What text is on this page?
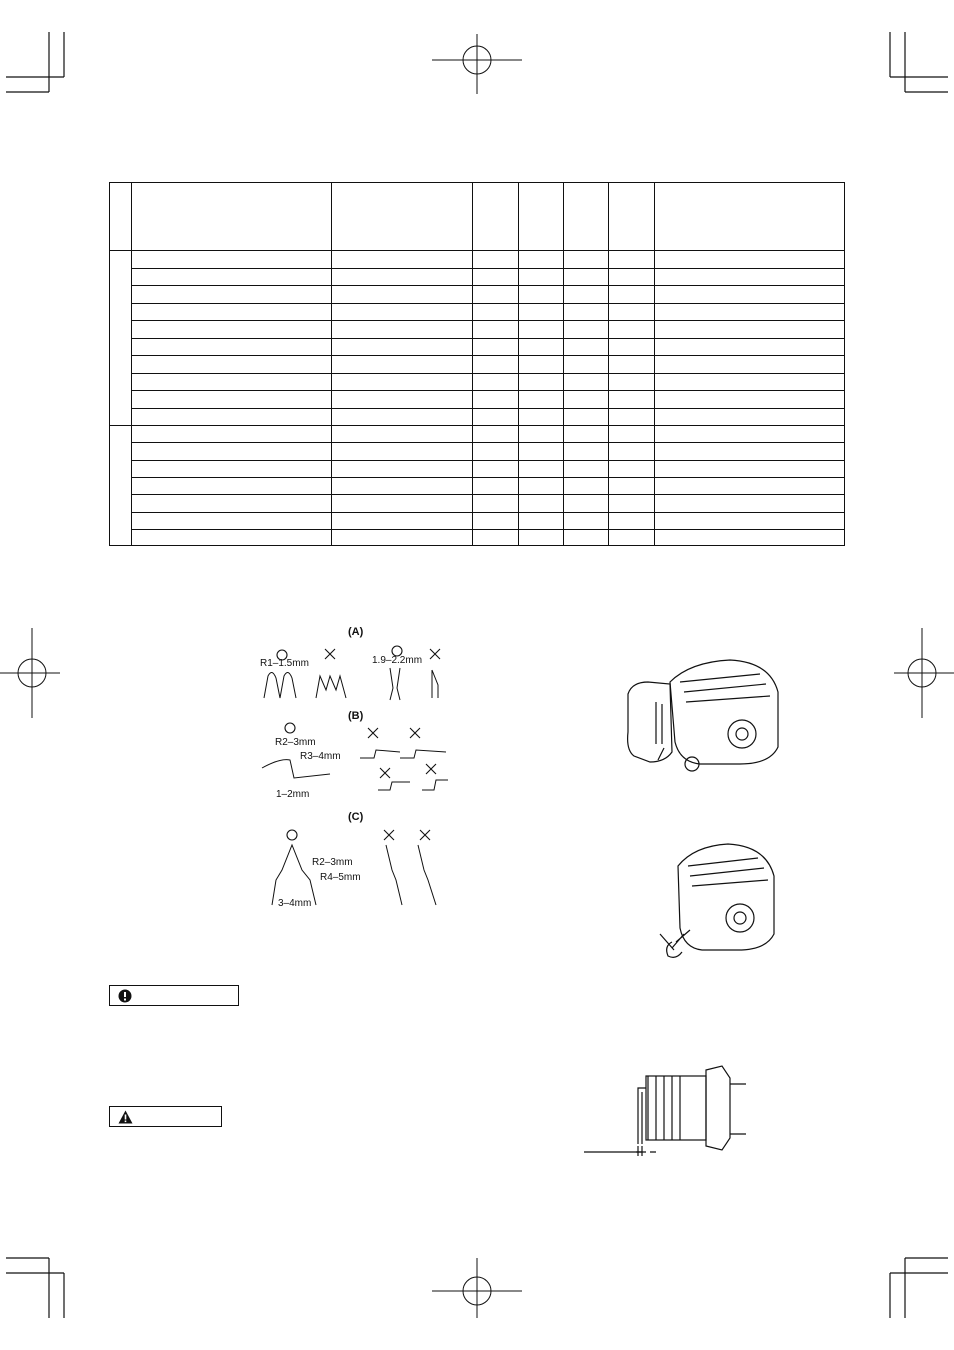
(A)
(B)
(C)
R1–1.5mm	1.9–2.2mm
R2–3mm
R3–4mm
1–2mm
R2–3mm
R4–5mm
3–4mm
